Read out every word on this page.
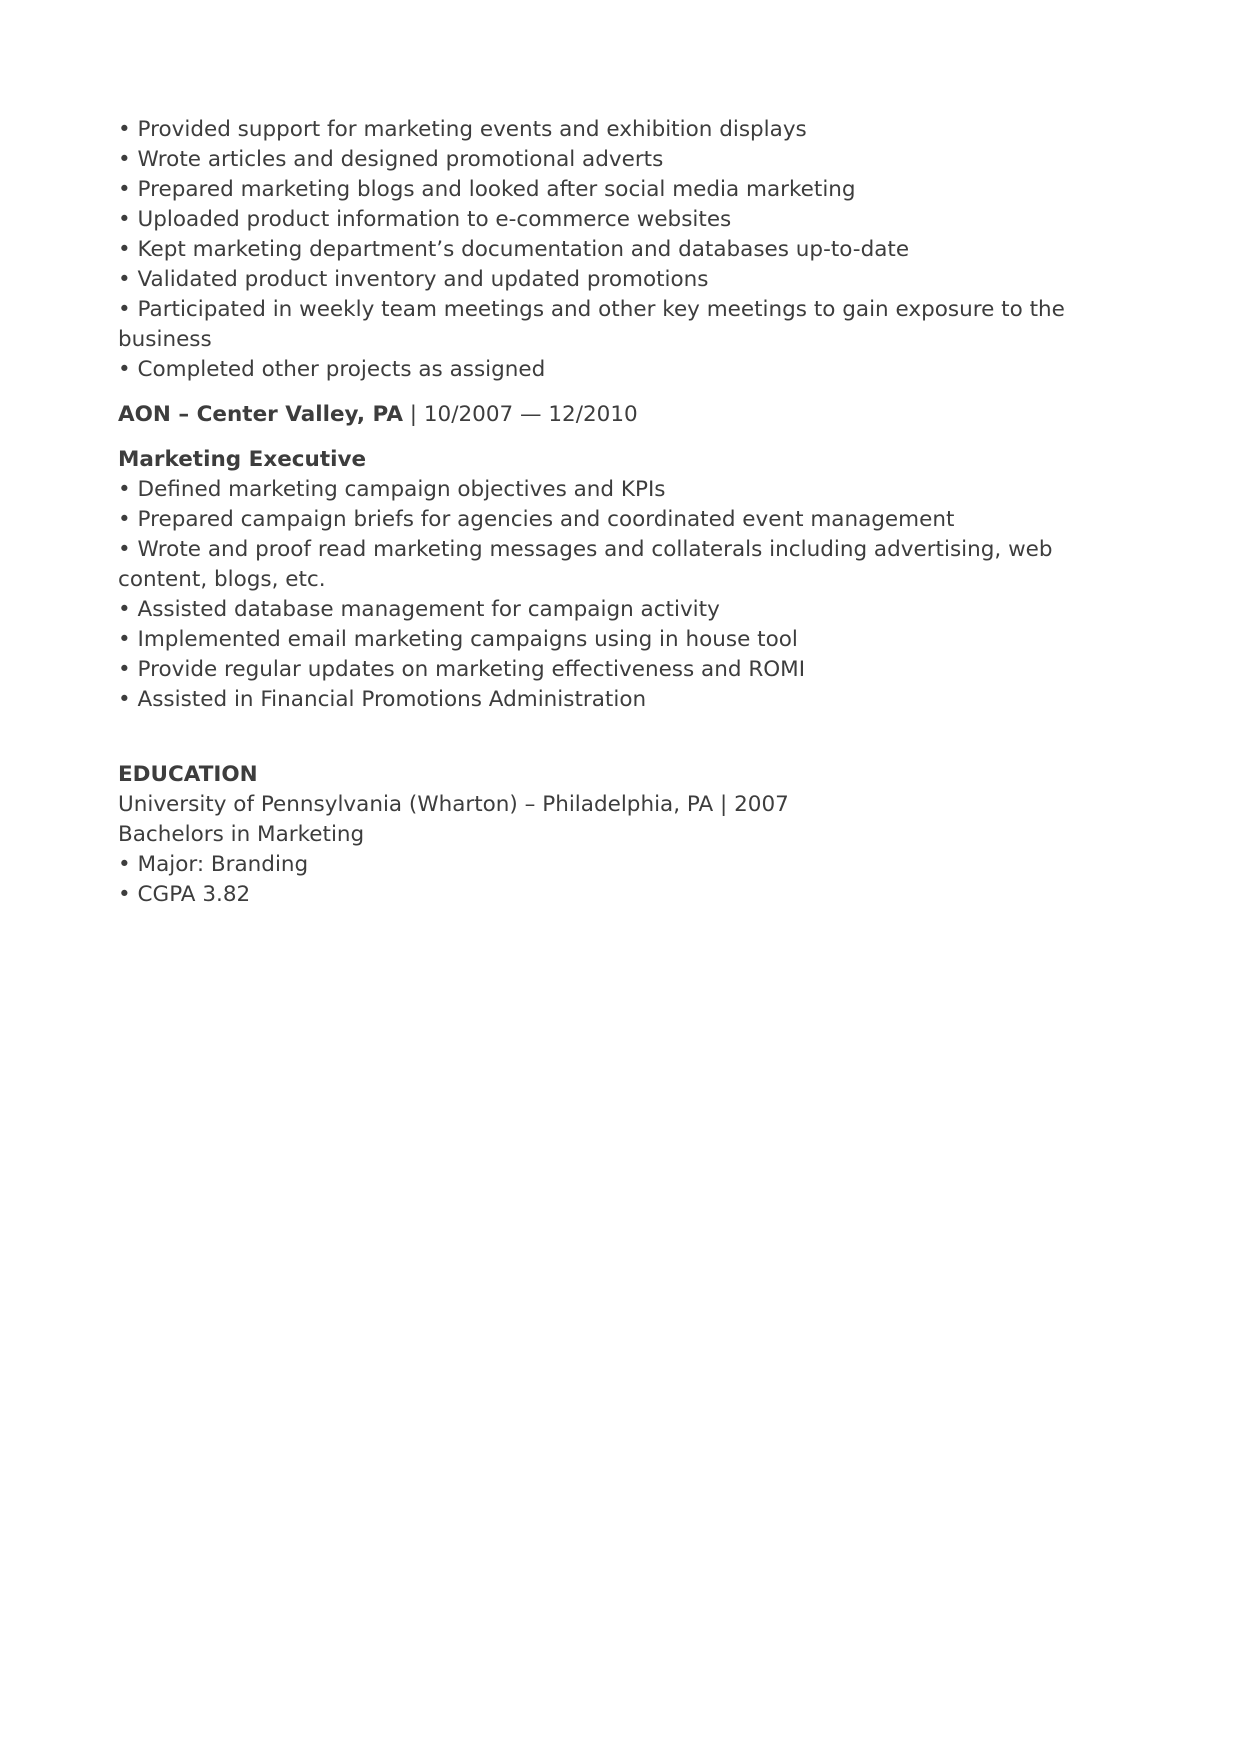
• Provided support for marketing events and exhibition displays

• Wrote articles and designed promotional adverts

• Prepared marketing blogs and looked after social media marketing

• Uploaded product information to e-commerce websites

• Kept marketing department’s documentation and databases up-to-date

• Validated product inventory and updated promotions

• Participated in weekly team meetings and other key meetings to gain exposure to the business

• Completed other projects as assigned

AON – Center Valley, PA | 10/2007 — 12/2010

Marketing Executive

• Defined marketing campaign objectives and KPIs

• Prepared campaign briefs for agencies and coordinated event management

• Wrote and proof read marketing messages and collaterals including advertising, web content, blogs, etc.

• Assisted database management for campaign activity

• Implemented email marketing campaigns using in house tool

• Provide regular updates on marketing effectiveness and ROMI

• Assisted in Financial Promotions Administration

EDUCATION

University of Pennsylvania (Wharton) – Philadelphia, PA | 2007

Bachelors in Marketing

• Major: Branding

• CGPA 3.82
